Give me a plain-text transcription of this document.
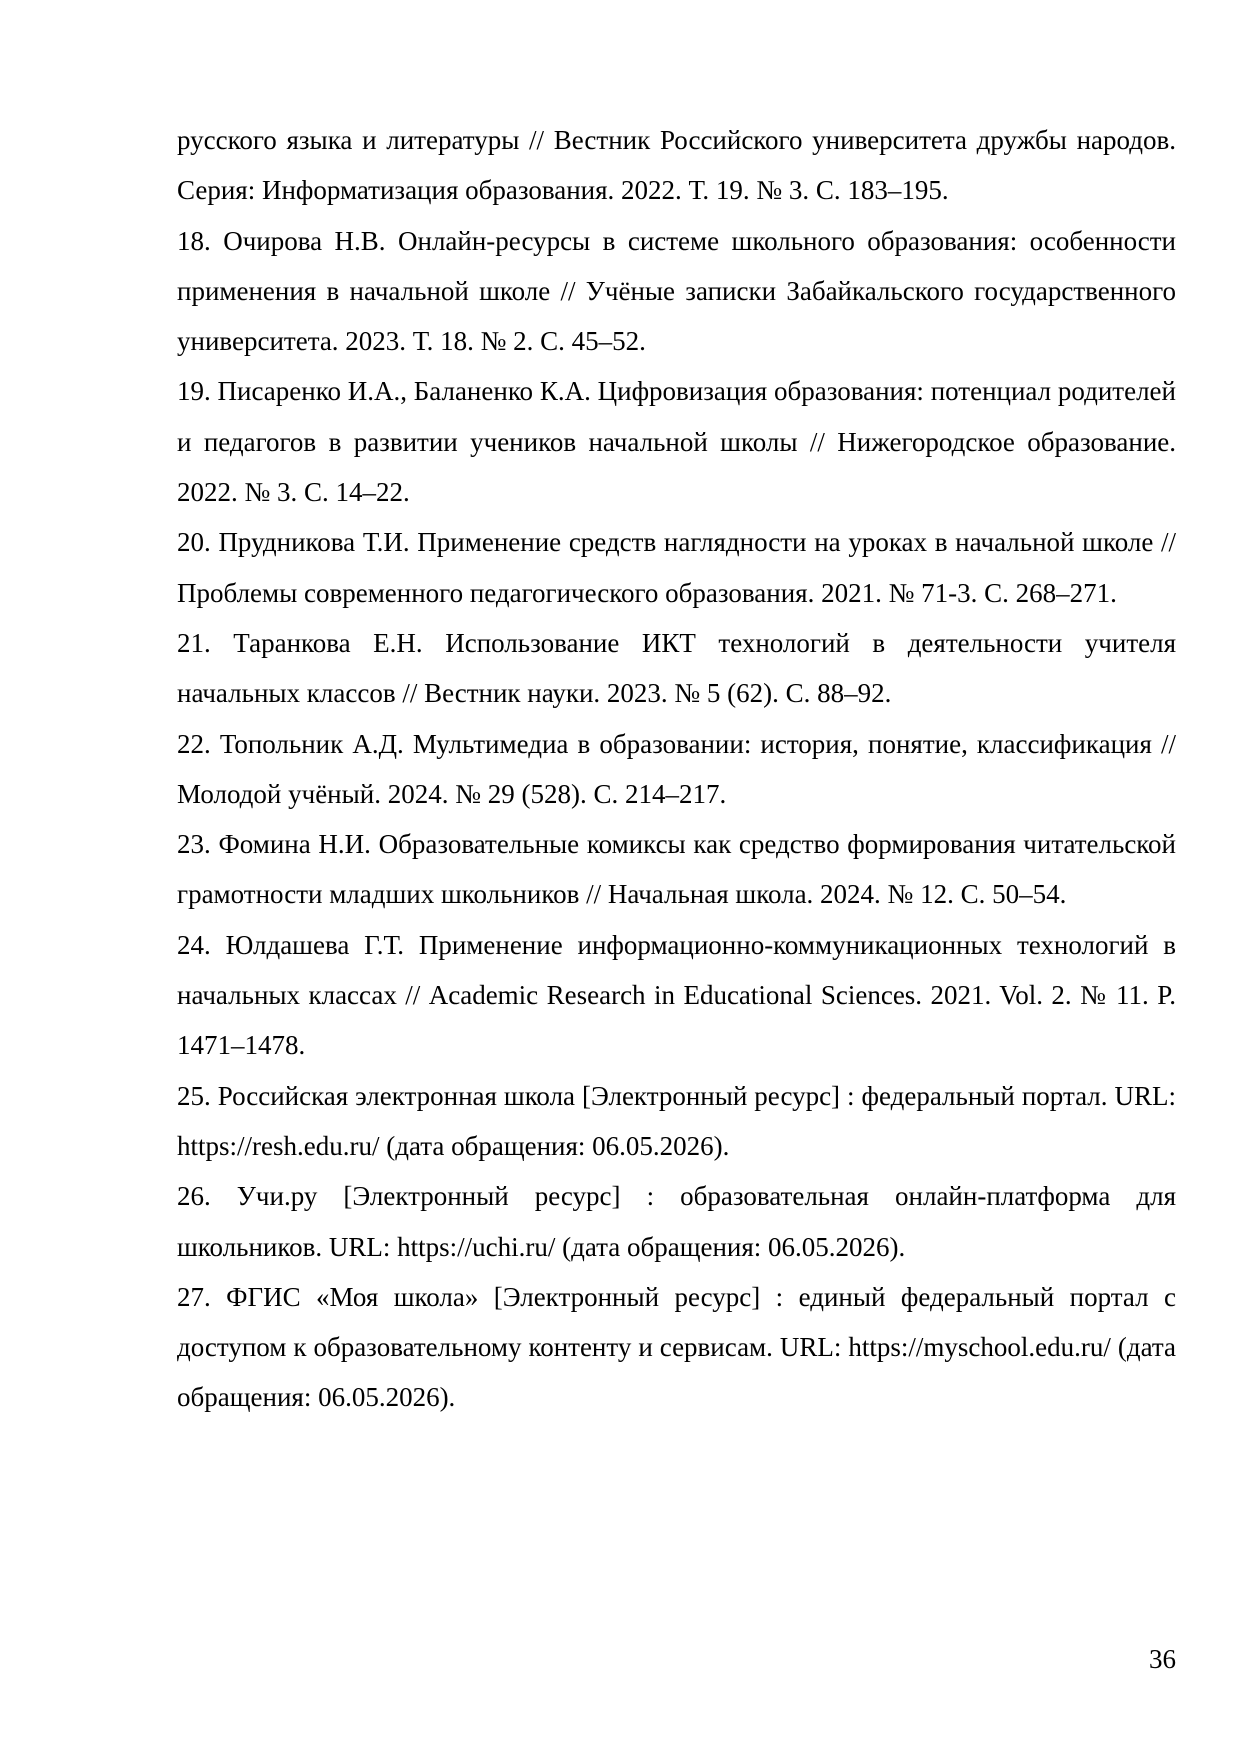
русского языка и литературы // Вестник Российского университета дружбы народов. Серия: Информатизация образования. 2022. Т. 19. № 3. С. 183–195.

18. Очирова Н.В. Онлайн-ресурсы в системе школьного образования: особенности применения в начальной школе // Учёные записки Забайкальского государственного университета. 2023. Т. 18. № 2. С. 45–52.

19. Писаренко И.А., Баланенко К.А. Цифровизация образования: потенциал родителей и педагогов в развитии учеников начальной школы // Нижегородское образование. 2022. № 3. С. 14–22.

20. Прудникова Т.И. Применение средств наглядности на уроках в начальной школе // Проблемы современного педагогического образования. 2021. № 71-3. С. 268–271.

21. Таранкова Е.Н. Использование ИКТ технологий в деятельности учителя начальных классов // Вестник науки. 2023. № 5 (62). С. 88–92.

22. Топольник А.Д. Мультимедиа в образовании: история, понятие, классификация // Молодой учёный. 2024. № 29 (528). С. 214–217.

23. Фомина Н.И. Образовательные комиксы как средство формирования читательской грамотности младших школьников // Начальная школа. 2024. № 12. С. 50–54.

24. Юлдашева Г.Т. Применение информационно-коммуникационных технологий в начальных классах // Academic Research in Educational Sciences. 2021. Vol. 2. № 11. P. 1471–1478.

25. Российская электронная школа [Электронный ресурс] : федеральный портал. URL: https://resh.edu.ru/ (дата обращения: 06.05.2026).

26. Учи.ру [Электронный ресурс] : образовательная онлайн-платформа для школьников. URL: https://uchi.ru/ (дата обращения: 06.05.2026).

27. ФГИС «Моя школа» [Электронный ресурс] : единый федеральный портал с доступом к образовательному контенту и сервисам. URL: https://myschool.edu.ru/ (дата обращения: 06.05.2026).

36
